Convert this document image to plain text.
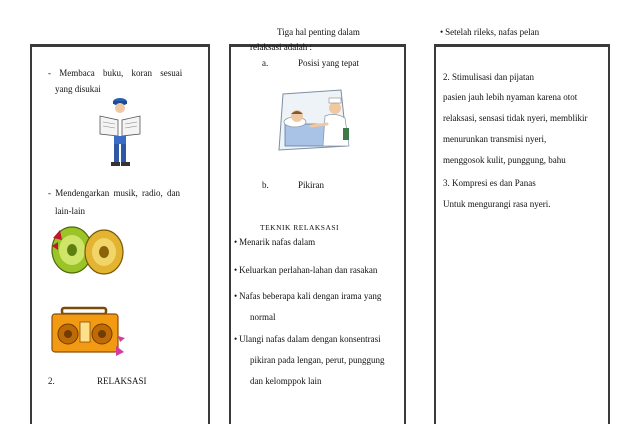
- Membaca buku, koran sesuai
yang disukai
- Mendengarkan musik, radio, dan
lain-lain
2.	RELAKSASI
Tiga hal penting dalam
relaksasi adalah :
a.	Posisi yang tepat
b.	Pikiran
TEKNIK RELAKSASI
• Menarik nafas dalam
• Keluarkan perlahan-lahan dan rasakan
• Nafas beberapa kali dengan irama yang
normal
• Ulangi nafas dalam dengan konsentrasi
pikiran pada lengan, perut, punggung
dan kelomppok lain
• Setelah rileks, nafas pelan
2. Stimulisasi dan pijatan
pasien jauh lebih nyaman karena otot
relaksasi, sensasi tidak nyeri, memblikir
menurunkan transmisi nyeri,
menggosok kulit, punggung, bahu
3. Kompresi es dan Panas
Untuk mengurangi rasa nyeri.
